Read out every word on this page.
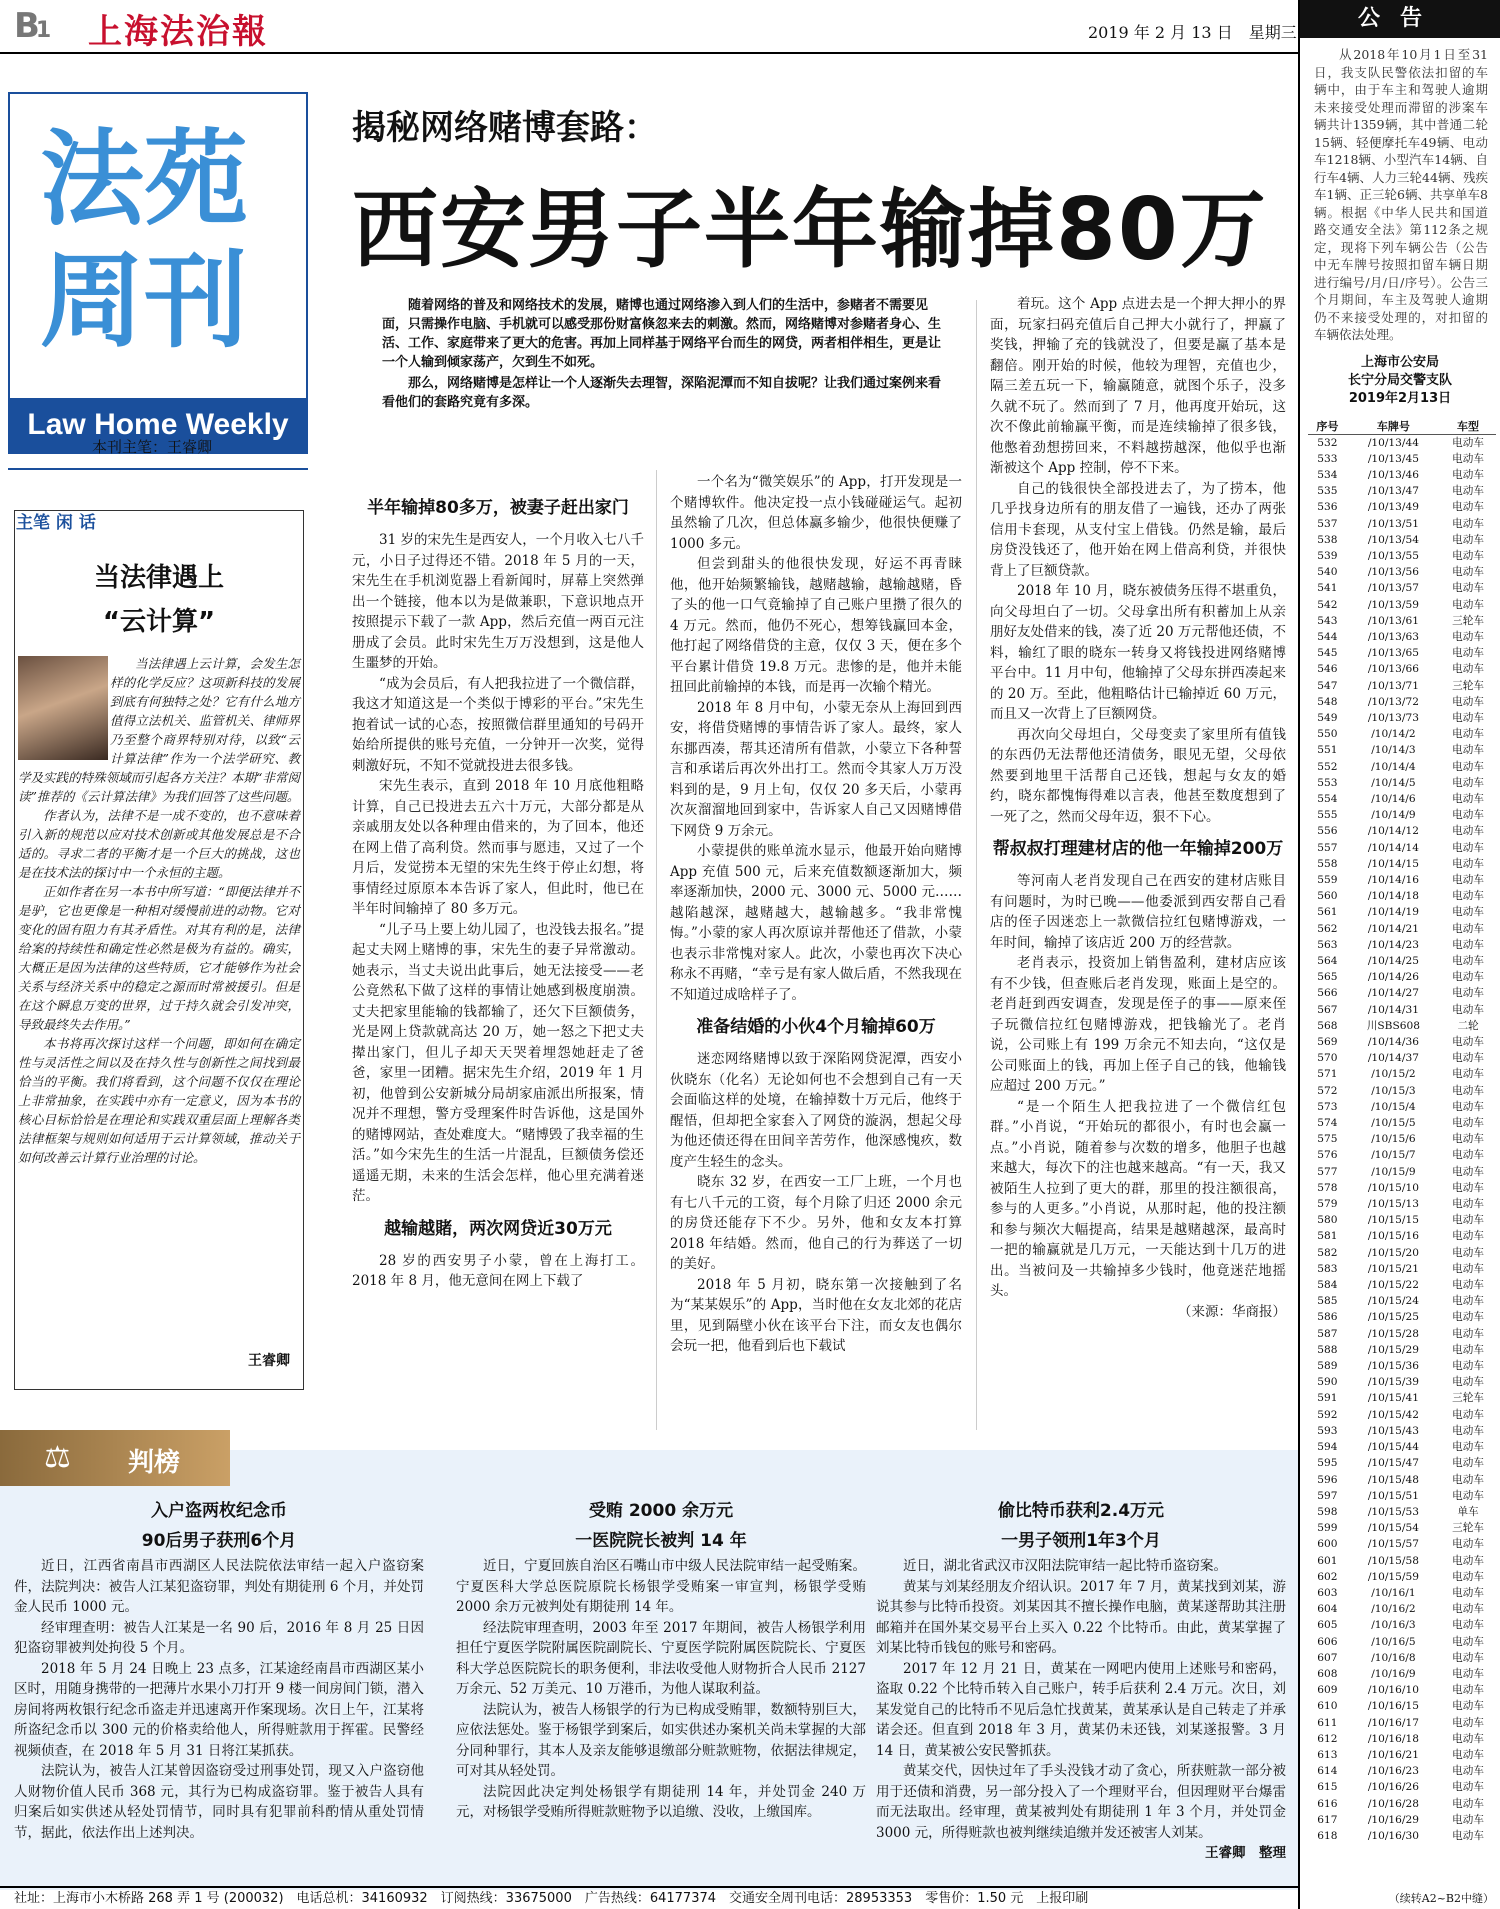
B1 上海法治報	2019 年 2 月 13 日　星期三
法苑
周刊
Law Home Weekly
本刊主笔：王睿卿
揭秘网络赌博套路：
西安男子半年输掉80万

随着网络的普及和网络技术的发展，赌博也通过网络渗入到人们的生活中，参赌者不需要见面，只需操作电脑、手机就可以感受那份财富倏忽来去的刺激。然而，网络赌博对参赌者身心、生活、工作、家庭带来了更大的危害。再加上同样基于网络平台而生的网贷，两者相伴相生，更是让一个人输到倾家荡产，欠到生不如死。

那么，网络赌博是怎样让一个人逐渐失去理智，深陷泥潭而不知自拔呢？让我们通过案例来看看他们的套路究竟有多深。

半年输掉80多万，被妻子赶出家门

31 岁的宋先生是西安人，一个月收入七八千元，小日子过得还不错。2018 年 5 月的一天，宋先生在手机浏览器上看新闻时，屏幕上突然弹出一个链接，他本以为是做兼职，下意识地点开按照提示下载了一款 App，然后充值一两百元注册成了会员。此时宋先生万万没想到，这是他人生噩梦的开始。

“成为会员后，有人把我拉进了一个微信群，我这才知道这是一个类似于博彩的平台。”宋先生抱着试一试的心态，按照微信群里通知的号码开始给所提供的账号充值，一分钟开一次奖，觉得刺激好玩，不知不觉就投进去很多钱。

宋先生表示，直到 2018 年 10 月底他粗略计算，自己已投进去五六十万元，大部分都是从亲戚朋友处以各种理由借来的，为了回本，他还在网上借了高利贷。然而事与愿违，又过了一个月后，发觉捞本无望的宋先生终于停止幻想，将事情经过原原本本告诉了家人，但此时，他已在半年时间输掉了 80 多万元。

“儿子马上要上幼儿园了，也没钱去报名。”提起丈夫网上赌博的事，宋先生的妻子异常激动。她表示，当丈夫说出此事后，她无法接受——老公竟然私下做了这样的事情让她感到极度崩溃。丈夫把家里能输的钱都输了，还欠下巨额债务，光是网上贷款就高达 20 万，她一怒之下把丈夫撵出家门，但儿子却天天哭着埋怨她赶走了爸爸，家里一团糟。据宋先生介绍，2019 年 1 月初，他曾到公安新城分局胡家庙派出所报案，情况并不理想，警方受理案件时告诉他，这是国外的赌博网站，查处难度大。“赌博毁了我幸福的生活。”如今宋先生的生活一片混乱，巨额债务偿还遥遥无期，未来的生活会怎样，他心里充满着迷茫。

越输越賭，两次网贷近30万元

28 岁的西安男子小蒙，曾在上海打工。2018 年 8 月，他无意间在网上下载了

一个名为“微笑娱乐”的 App，打开发现是一个赌博软件。他决定投一点小钱碰碰运气。起初虽然输了几次，但总体赢多输少，他很快便赚了 1000 多元。

但尝到甜头的他很快发现，好运不再青睐他，他开始频繁输钱，越赌越输，越输越赌，昏了头的他一口气竟输掉了自己账户里攒了很久的 4 万元。然而，他仍不死心，想筹钱赢回本金，他打起了网络借贷的主意，仅仅 3 天，便在多个平台累计借贷 19.8 万元。悲惨的是，他并未能扭回此前输掉的本钱，而是再一次输个精光。

2018 年 8 月中旬，小蒙无奈从上海回到西安，将借贷赌博的事情告诉了家人。最终，家人东挪西凑，帮其还清所有借款，小蒙立下各种誓言和承诺后再次外出打工。然而令其家人万万没料到的是，9 月上旬，仅仅 20 多天后，小蒙再次灰溜溜地回到家中，告诉家人自己又因赌博借下网贷 9 万余元。

小蒙提供的账单流水显示，他最开始向赌博 App 充值 500 元，后来充值数额逐渐加大，频率逐渐加快，2000 元、3000 元、5000 元……越陷越深，越赌越大，越输越多。“我非常愧悔。”小蒙的家人再次原谅并帮他还了借款，小蒙也表示非常愧对家人。此次，小蒙也再次下决心称永不再赌，“幸亏是有家人做后盾，不然我现在不知道过成啥样子了。

准备结婚的小伙4个月输掉60万

迷恋网络赌博以致于深陷网贷泥潭，西安小伙晓东（化名）无论如何也不会想到自己有一天会面临这样的处境，在输掉数十万元后，他终于醒悟，但却把全家套入了网贷的漩涡，想起父母为他还债还得在田间辛苦劳作，他深感愧疚，数度产生轻生的念头。

晓东 32 岁，在西安一工厂上班，一个月也有七八千元的工资，每个月除了归还 2000 余元的房贷还能存下不少。另外，他和女友本打算 2018 年结婚。然而，他自己的行为葬送了一切的美好。

2018 年 5 月初，晓东第一次接触到了名为“某某娱乐”的 App，当时他在女友北郊的花店里，见到隔壁小伙在该平台下注，而女友也偶尔会玩一把，他看到后也下载试

着玩。这个 App 点进去是一个押大押小的界面，玩家扫码充值后自己押大小就行了，押赢了奖钱，押输了充的钱就没了，但要是赢了基本是翻倍。刚开始的时候，他较为理智，充值也少，隔三差五玩一下，输赢随意，就图个乐子，没多久就不玩了。然而到了 7 月，他再度开始玩，这次不像此前输赢平衡，而是连续输掉了很多钱，他憋着劲想捞回来，不料越捞越深，他似乎也渐渐被这个 App 控制，停不下来。

自己的钱很快全部投进去了，为了捞本，他几乎找身边所有的朋友借了一遍钱，还办了两张信用卡套现，从支付宝上借钱。仍然是输，最后房贷没钱还了，他开始在网上借高利贷，并很快背上了巨额贷款。

2018 年 10 月，晓东被债务压得不堪重负，向父母坦白了一切。父母拿出所有积蓄加上从亲朋好友处借来的钱，凑了近 20 万元帮他还债，不料，输红了眼的晓东一转身又将钱投进网络赌博平台中。11 月中旬，他输掉了父母东拼西凑起来的 20 万。至此，他粗略估计已输掉近 60 万元，而且又一次背上了巨额网贷。

再次向父母坦白，父母变卖了家里所有值钱的东西仍无法帮他还清债务，眼见无望，父母依然要到地里干活帮自己还钱，想起与女友的婚约，晓东都愧悔得难以言表，他甚至数度想到了一死了之，然而父母年迈，狠不下心。

帮叔叔打理建材店的他一年输掉200万

等河南人老肖发现自己在西安的建材店账目有问题时，为时已晚——他委派到西安帮自己看店的侄子因迷恋上一款微信拉红包赌博游戏，一年时间，输掉了该店近 200 万的经营款。

老肖表示，投资加上销售盈利，建材店应该有不少钱，但查账后老肖发现，账面上是空的。老肖赶到西安调查，发现是侄子的事——原来侄子玩微信拉红包赌博游戏，把钱输光了。老肖说，公司账上有 199 万余元不知去向，“这仅是公司账面上的钱，再加上侄子自己的钱，他输钱应超过 200 万元。”

“是一个陌生人把我拉进了一个微信红包群。”小肖说，“开始玩的都很小，有时也会赢一点。”小肖说，随着参与次数的增多，他胆子也越来越大，每次下的注也越来越高。“有一天，我又被陌生人拉到了更大的群，那里的投注额很高，参与的人更多。”小肖说，从那时起，他的投注额和参与频次大幅提高，结果是越赌越深，最高时一把的输赢就是几万元，一天能达到十几万的进出。当被问及一共输掉多少钱时，他竟迷茫地摇头。

（来源：华商报）
主笔 闲 话
当法律遇上
“云计算”

当法律遇上云计算，会发生怎样的化学反应？这项新科技的发展到底有何独特之处？它有什么地方值得立法机关、监管机关、律师界乃至整个商界特别对待，以致“云计算法律”作为一个法学研究、教学及实践的特殊领域而引起各方关注？本期“非常阅读”推荐的《云计算法律》为我们回答了这些问题。

作者认为，法律不是一成不变的，也不意味着引入新的规范以应对技术创新或其他发展总是不合适的。寻求二者的平衡才是一个巨大的挑战，这也是在技术法的探讨中一个永恒的主题。

正如作者在另一本书中所写道：“即便法律并不是驴，它也更像是一种相对缓慢前进的动物。它对变化的固有阻力有其矛盾性。对其有利的是，法律给案的持续性和确定性必然是极为有益的。确实，大概正是因为法律的这些特质，它才能够作为社会关系与经济关系中的稳定之源而时常被援引。但是在这个瞬息万变的世界，过于持久就会引发冲突，导致最终失去作用。”

本书将再次探讨这样一个问题，即如何在确定性与灵活性之间以及在持久性与创新性之间找到最恰当的平衡。我们将看到，这个问题不仅仅在理论上非常抽象，在实践中亦有一定意义，因为本书的核心目标恰恰是在理论和实践双重层面上理解各类法律框架与规则如何适用于云计算领域，推动关于如何改善云计算行业治理的讨论。

王睿卿
⚖ 判榜
入户盗两枚纪念币
90后男子获刑6个月

近日，江西省南昌市西湖区人民法院依法审结一起入户盗窃案件，法院判决：被告人江某犯盗窃罪，判处有期徒刑 6 个月，并处罚金人民币 1000 元。

经审理查明：被告人江某是一名 90 后，2016 年 8 月 25 日因犯盗窃罪被判处拘役 5 个月。

2018 年 5 月 24 日晚上 23 点多，江某途经南昌市西湖区某小区时，用随身携带的一把薄片水果小刀打开 9 楼一间房间门锁，潜入房间将两枚银行纪念币盗走并迅速离开作案现场。次日上午，江某将所盗纪念币以 300 元的价格卖给他人，所得赃款用于挥霍。民警经视频侦查，在 2018 年 5 月 31 日将江某抓获。

法院认为，被告人江某曾因盗窃受过刑事处罚，现又入户盗窃他人财物价值人民币 368 元，其行为已构成盗窃罪。鉴于被告人具有归案后如实供述从轻处罚情节，同时具有犯罪前科酌情从重处罚情节，据此，依法作出上述判决。

受贿 2000 余万元
一医院院长被判 14 年

近日，宁夏回族自治区石嘴山市中级人民法院审结一起受贿案。宁夏医科大学总医院原院长杨银学受贿案一审宣判，杨银学受贿 2000 余万元被判处有期徒刑 14 年。

经法院审理查明，2003 年至 2017 年期间，被告人杨银学利用担任宁夏医学院附属医院副院长、宁夏医学院附属医院院长、宁夏医科大学总医院院长的职务便利，非法收受他人财物折合人民币 2127 万余元、52 万美元、10 万港币，为他人谋取利益。

法院认为，被告人杨银学的行为已构成受贿罪，数额特别巨大，应依法惩处。鉴于杨银学到案后，如实供述办案机关尚未掌握的大部分同种罪行，其本人及亲友能够退缴部分赃款赃物，依据法律规定，可对其从轻处罚。

法院因此决定判处杨银学有期徒刑 14 年，并处罚金 240 万元，对杨银学受贿所得赃款赃物予以追缴、没收，上缴国库。

偷比特币获利2.4万元
一男子领刑1年3个月

近日，湖北省武汉市汉阳法院审结一起比特币盗窃案。

黄某与刘某经朋友介绍认识。2017 年 7 月，黄某找到刘某，游说其参与比特币投资。刘某因其不擅长操作电脑，黄某遂帮助其注册邮箱并在国外某交易平台上买入 0.22 个比特币。由此，黄某掌握了刘某比特币钱包的账号和密码。

2017 年 12 月 21 日，黄某在一网吧内使用上述账号和密码，盗取 0.22 个比特币转入自己账户，转手后获利 2.4 万元。次日，刘某发觉自己的比特币不见后急忙找黄某，黄某承认是自己转走了并承诺会还。但直到 2018 年 3 月，黄某仍未还钱，刘某遂报警。3 月 14 日，黄某被公安民警抓获。

黄某交代，因快过年了手头没钱才动了贪心，所获赃款一部分被用于还债和消费，另一部分投入了一个理财平台，但因理财平台爆雷而无法取出。经审理，黄某被判处有期徒刑 1 年 3 个月，并处罚金 3000 元，所得赃款也被判继续追缴并发还被害人刘某。

王睿卿　整理
社址：上海市小木桥路 268 弄 1 号 (200032)　电话总机：34160932　订阅热线：33675000　广告热线：64177374　交通安全周刊电话：28953353　零售价：1.50 元　上报印刷
公告
从2018年10月1日至31日，我支队民警依法扣留的车辆中，由于车主和驾驶人逾期未来接受处理而滞留的涉案车辆共计1359辆，其中普通二轮15辆、轻便摩托车49辆、电动车1218辆、小型汽车14辆、自行车4辆、人力三轮44辆、残疾车1辆、正三轮6辆、共享单车8辆。根据《中华人民共和国道路交通安全法》第112条之规定，现将下列车辆公告（公告中无车牌号按照扣留车辆日期进行编号/月/日/序号）。公告三个月期间，车主及驾驶人逾期仍不来接受处理的，对扣留的车辆依法处理。
上海市公安局
长宁分局交警支队
2019年2月13日
序号	车牌号	车型
532	/10/13/44	电动车
533	/10/13/45	电动车
534	/10/13/46	电动车
535	/10/13/47	电动车
536	/10/13/49	电动车
537	/10/13/51	电动车
538	/10/13/54	电动车
539	/10/13/55	电动车
540	/10/13/56	电动车
541	/10/13/57	电动车
542	/10/13/59	电动车
543	/10/13/61	三轮车
544	/10/13/63	电动车
545	/10/13/65	电动车
546	/10/13/66	电动车
547	/10/13/71	三轮车
548	/10/13/72	电动车
549	/10/13/73	电动车
550	/10/14/2	电动车
551	/10/14/3	电动车
552	/10/14/4	电动车
553	/10/14/5	电动车
554	/10/14/6	电动车
555	/10/14/9	电动车
556	/10/14/12	电动车
557	/10/14/14	电动车
558	/10/14/15	电动车
559	/10/14/16	电动车
560	/10/14/18	电动车
561	/10/14/19	电动车
562	/10/14/21	电动车
563	/10/14/23	电动车
564	/10/14/25	电动车
565	/10/14/26	电动车
566	/10/14/27	电动车
567	/10/14/31	电动车
568	川SBS608	二轮
569	/10/14/36	电动车
570	/10/14/37	电动车
571	/10/15/2	电动车
572	/10/15/3	电动车
573	/10/15/4	电动车
574	/10/15/5	电动车
575	/10/15/6	电动车
576	/10/15/7	电动车
577	/10/15/9	电动车
578	/10/15/10	电动车
579	/10/15/13	电动车
580	/10/15/15	电动车
581	/10/15/16	电动车
582	/10/15/20	电动车
583	/10/15/21	电动车
584	/10/15/22	电动车
585	/10/15/24	电动车
586	/10/15/25	电动车
587	/10/15/28	电动车
588	/10/15/29	电动车
589	/10/15/36	电动车
590	/10/15/39	电动车
591	/10/15/41	三轮车
592	/10/15/42	电动车
593	/10/15/43	电动车
594	/10/15/44	电动车
595	/10/15/47	电动车
596	/10/15/48	电动车
597	/10/15/51	电动车
598	/10/15/53	单车
599	/10/15/54	三轮车
600	/10/15/57	电动车
601	/10/15/58	电动车
602	/10/15/59	电动车
603	/10/16/1	电动车
604	/10/16/2	电动车
605	/10/16/3	电动车
606	/10/16/5	电动车
607	/10/16/8	电动车
608	/10/16/9	电动车
609	/10/16/10	电动车
610	/10/16/15	电动车
611	/10/16/17	电动车
612	/10/16/18	电动车
613	/10/16/21	电动车
614	/10/16/23	电动车
615	/10/16/26	电动车
616	/10/16/28	电动车
617	/10/16/29	电动车
618	/10/16/30	电动车
（续转A2~B2中缝）
